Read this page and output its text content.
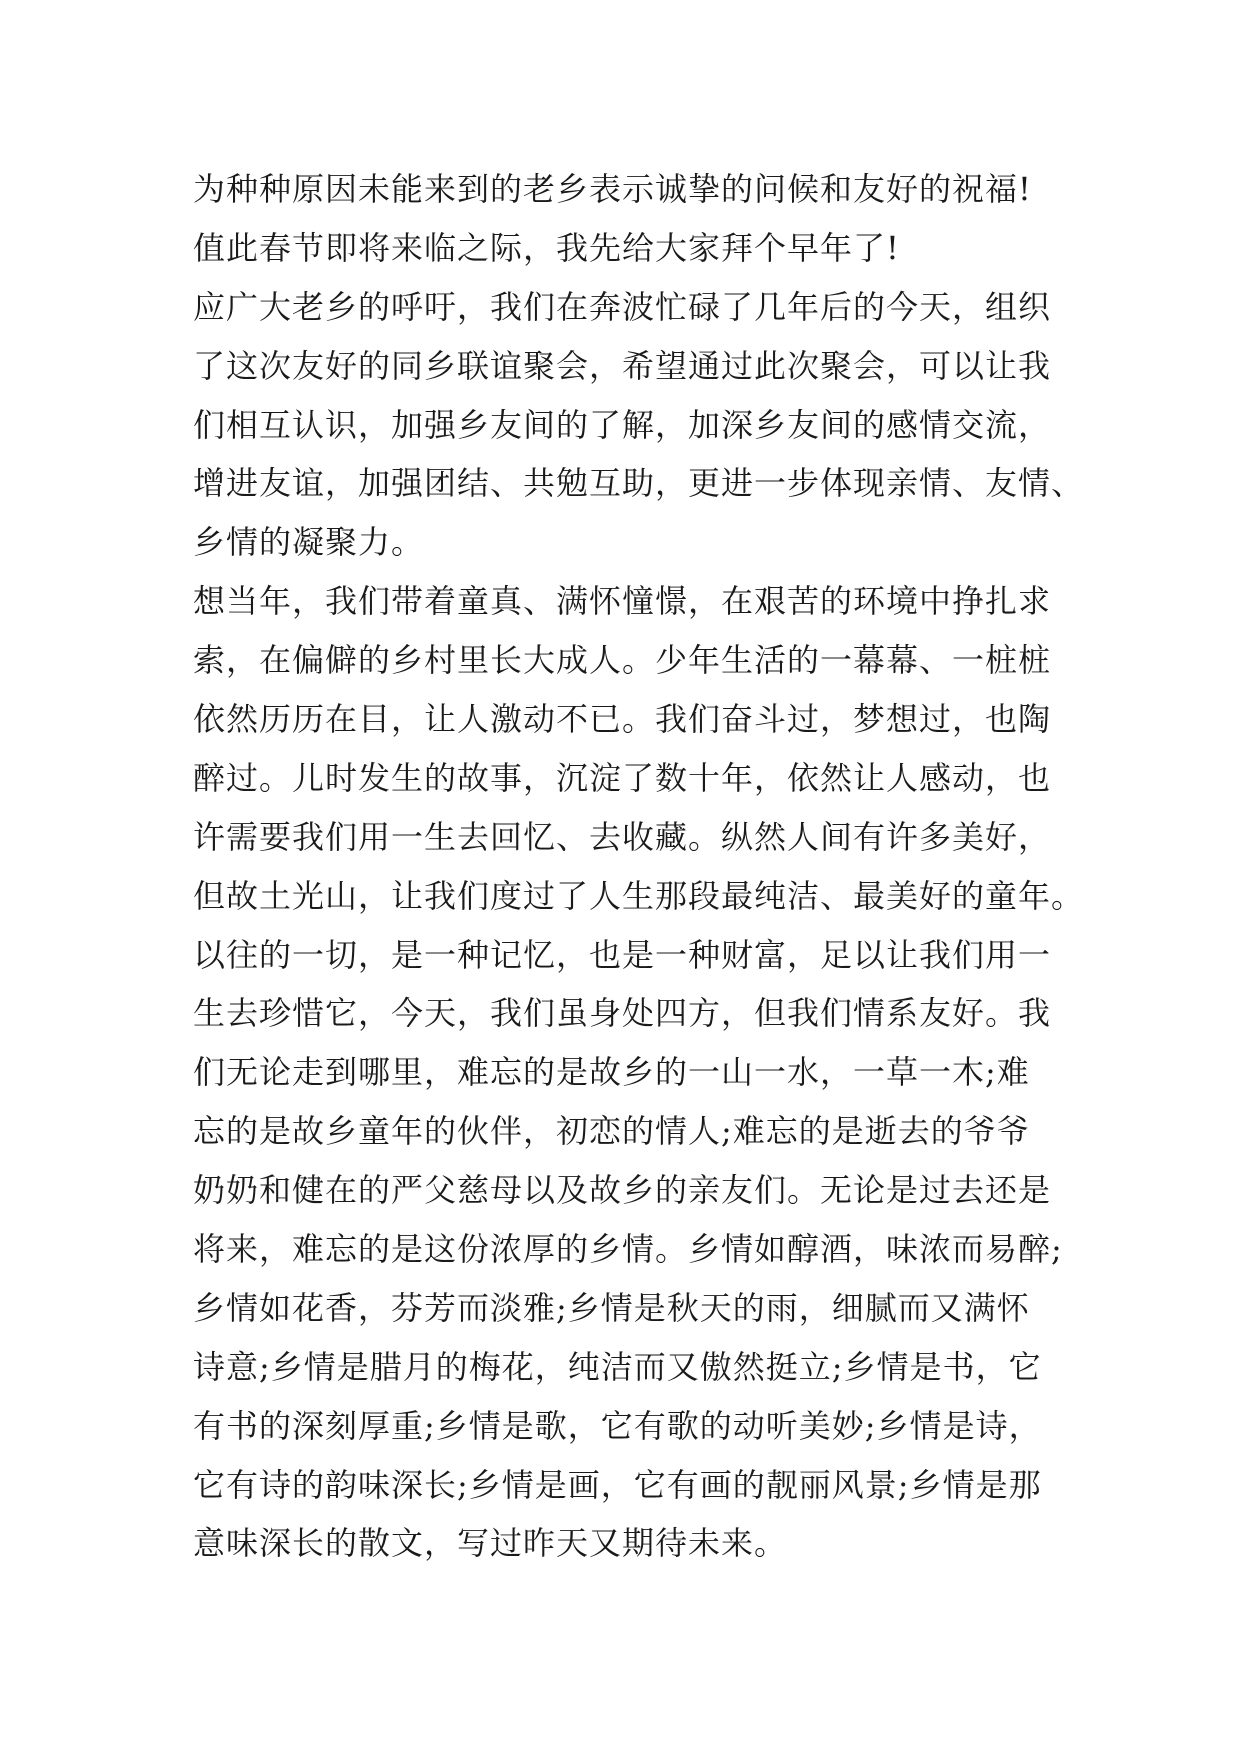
为种种原因未能来到的老乡表示诚挚的问候和友好的祝福!
值此春节即将来临之际，我先给大家拜个早年了!
应广大老乡的呼吁，我们在奔波忙碌了几年后的今天，组织
了这次友好的同乡联谊聚会，希望通过此次聚会，可以让我
们相互认识，加强乡友间的了解，加深乡友间的感情交流，
增进友谊，加强团结、共勉互助，更进一步体现亲情、友情、
乡情的凝聚力。
想当年，我们带着童真、满怀憧憬，在艰苦的环境中挣扎求
索，在偏僻的乡村里长大成人。少年生活的一幕幕、一桩桩
依然历历在目，让人激动不已。我们奋斗过，梦想过，也陶
醉过。儿时发生的故事，沉淀了数十年，依然让人感动，也
许需要我们用一生去回忆、去收藏。纵然人间有许多美好，
但故土光山，让我们度过了人生那段最纯洁、最美好的童年。
以往的一切，是一种记忆，也是一种财富，足以让我们用一
生去珍惜它，今天，我们虽身处四方，但我们情系友好。我
们无论走到哪里，难忘的是故乡的一山一水，一草一木;难
忘的是故乡童年的伙伴，初恋的情人;难忘的是逝去的爷爷
奶奶和健在的严父慈母以及故乡的亲友们。无论是过去还是
将来，难忘的是这份浓厚的乡情。乡情如醇酒，味浓而易醉;
乡情如花香，芬芳而淡雅;乡情是秋天的雨，细腻而又满怀
诗意;乡情是腊月的梅花，纯洁而又傲然挺立;乡情是书，它
有书的深刻厚重;乡情是歌，它有歌的动听美妙;乡情是诗，
它有诗的韵味深长;乡情是画，它有画的靓丽风景;乡情是那
意味深长的散文，写过昨天又期待未来。
